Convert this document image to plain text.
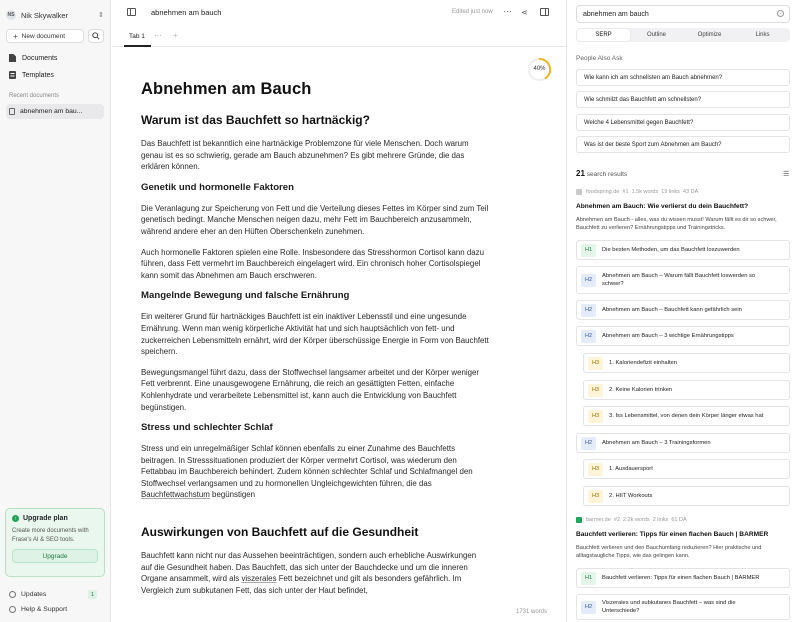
NS Nik Skywalker	⇕
+ New document
Documents
Templates
Recent documents
abnehmen am bau...
↑ Upgrade plan
Create more documents with Frase's AI & SEO tools.
Upgrade
Updates	1
Help & Support
abnehmen am bauch	Edited just now ··· ⋖
Tab 1 ··· +
40%
Abnehmen am Bauch
Warum ist das Bauchfett so hartnäckig?

Das Bauchfett ist bekanntlich eine hartnäckige Problemzone für viele Menschen. Doch warum genau ist es so schwierig, gerade am Bauch abzunehmen? Es gibt mehrere Gründe, die das erklären können.

Genetik und hormonelle Faktoren

Die Veranlagung zur Speicherung von Fett und die Verteilung dieses Fettes im Körper sind zum Teil genetisch bedingt. Manche Menschen neigen dazu, mehr Fett im Bauchbereich anzusammeln, während andere eher an den Hüften Oberschenkeln zunehmen.

Auch hormonelle Faktoren spielen eine Rolle. Insbesondere das Stresshormon Cortisol kann dazu führen, dass Fett vermehrt im Bauchbereich eingelagert wird. Ein chronisch hoher Cortisolspiegel kann somit das Abnehmen am Bauch erschweren.

Mangelnde Bewegung und falsche Ernährung

Ein weiterer Grund für hartnäckiges Bauchfett ist ein inaktiver Lebensstil und eine ungesunde Ernährung. Wenn man wenig körperliche Aktivität hat und sich hauptsächlich von fett- und zuckerreichen Lebensmitteln ernährt, wird der Körper überschüssige Energie in Form von Bauchfett speichern.

Bewegungsmangel führt dazu, dass der Stoffwechsel langsamer arbeitet und der Körper weniger Fett verbrennt. Eine unausgewogene Ernährung, die reich an gesättigten Fetten, einfache Kohlenhydrate und verarbeitete Lebensmittel ist, kann auch die Entwicklung von Bauchfett begünstigen.

Stress und schlechter Schlaf

Stress und ein unregelmäßiger Schlaf können ebenfalls zu einer Zunahme des Bauchfetts beitragen. In Stresssituationen produziert der Körper vermehrt Cortisol, was wiederum den Fettabbau im Bauchbereich behindert. Zudem können schlechter Schlaf und Schlafmangel den Stoffwechsel verlangsamen und zu hormonellen Ungleichgewichten führen, die das Bauchfettwachstum begünstigen

Auswirkungen von Bauchfett auf die Gesundheit

Bauchfett kann nicht nur das Aussehen beeinträchtigen, sondern auch erhebliche Auswirkungen auf die Gesundheit haben. Das Bauchfett, das sich unter der Bauchdecke und um die inneren Organe ansammelt, wird als viszerales Fett bezeichnet und gilt als besonders gefährlich. Im Vergleich zum subkutanen Fett, das sich unter der Haut befindet,

1731 words
abnehmen am bauch	×
SERP	Outline	Optimize	Links
People Also Ask
Wie kann ich am schnellsten am Bauch abnehmen?
Wie schmilzt das Bauchfett am schnellsten?
Welche 4 Lebensmittel gegen Bauchfett?
Was ist der beste Sport zum Abnehmen am Bauch?
21 search results	☰
foodspring.de
#1
1.5k words
19 links
43 DA
Abnehmen am Bauch: Wie verlierst du dein Bauchfett?
Abnehmen am Bauch - alles, was du wissen musst! Warum fällt es dir so schwer, Bauchfett zu verlieren? Ernährungstipps und Trainingstricks.
H1	Die besten Methoden, um das Bauchfett loszuwerden
H2
Abnehmen am Bauch – Warum fällt Bauchfett loswerden so schwer?
H2	Abnehmen am Bauch – Bauchfett kann gefährlich sein
H2	Abnehmen am Bauch – 3 wichtige Ernährungstipps
H3	1. Kaloriendefizit einhalten
H3	2. Keine Kalorien trinken
H3	3. Iss Lebensmittel, von denen dein Körper länger etwas hat
H2	Abnehmen am Bauch – 3 Trainingsformen
H3	1. Ausdauersport
H3	2. HIIT Workouts
barmer.de
#2
2.2k words
2 links
61 DA
Bauchfett verlieren: Tipps für einen flachen Bauch | BARMER
Bauchfett verlieren und den Bauchumfang reduzieren? Hier praktische und alltagstaugliche Tipps, wie das gelingen kann.
H1	Bauchfett verlieren: Tipps für einen flachen Bauch | BARMER
H2
Viszerales und subkutanes Bauchfett – was sind die Unterschiede?
